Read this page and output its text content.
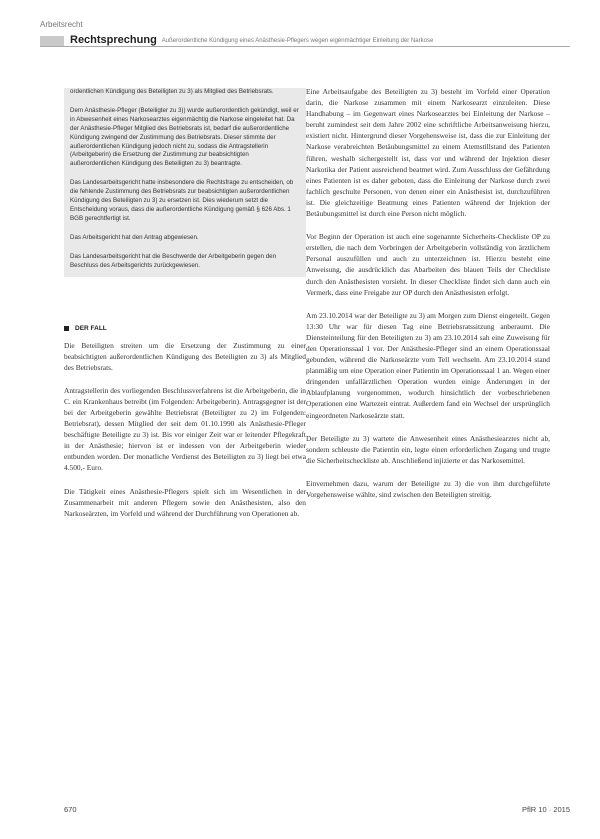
Arbeitsrecht
Rechtsprechung Außerordentliche Kündigung eines Anästhesie-Pflegers wegen eigenmächtiger Einleitung der Narkose

ordentlichen Kündigung des Beteiligten zu 3) als Mitglied des Betriebsrats.

Dem Anästhesie-Pfleger (Beteiligter zu 3)) wurde außerordentlich gekündigt, weil er in Abwesenheit eines Narkosearztes eigenmächtig die Narkose eingeleitet hat. Da der Anästhesie-Pfleger Mitglied des Betriebsrats ist, bedarf die außerordentliche Kündigung zwingend der Zustimmung des Betriebsrats. Dieser stimmte der außerordentlichen Kündigung jedoch nicht zu, sodass die Antragstellerin (Arbeitgeberin) die Ersetzung der Zustimmung zur beabsichtigten außerordentlichen Kündigung des Beteiligten zu 3) beantragte.

Das Landesarbeitsgericht hatte insbesondere die Rechtsfrage zu entscheiden, ob die fehlende Zustimmung des Betriebsrats zur beabsichtigten außerordentlichen Kündigung des Beteiligten zu 3) zu ersetzen ist. Dies wiederum setzt die Entscheidung voraus, dass die außerordentliche Kündigung gemäß § 626 Abs. 1 BGB gerechtfertigt ist.

Das Arbeitsgericht hat den Antrag abgewiesen.

Das Landesarbeitsgericht hat die Beschwerde der Arbeitgeberin gegen den Beschluss des Arbeitsgerichts zurückgewiesen.

DER FALL

Die Beteiligten streiten um die Ersetzung der Zustimmung zu einer beabsichtigten außerordentlichen Kündigung des Beteiligten zu 3) als Mitglied des Betriebsrats.

Antragstellerin des vorliegenden Beschlussverfahrens ist die Arbeitgeberin, die in C. ein Krankenhaus betreibt (im Folgenden: Arbeitgeberin). Antragsgegner ist der bei der Arbeitgeberin gewählte Betriebsrat (Beteiligter zu 2) im Folgenden: Betriebsrat), dessen Mitglied der seit dem 01.10.1990 als Anästhesie-Pfleger beschäftigte Beteiligte zu 3) ist. Bis vor einiger Zeit war er leitender Pflegekraft in der Anästhesie; hiervon ist er indessen von der Arbeitgeberin wieder entbunden worden. Der monatliche Verdienst des Beteiligten zu 3) liegt bei etwa 4.500,- Euro.

Die Tätigkeit eines Anästhesie-Pflegers spielt sich im Wesentlichen in der Zusammenarbeit mit anderen Pflegern sowie den Anästhesisten, also den Narkoseärzten, im Vorfeld und während der Durchführung von Operationen ab.

Eine Arbeitsaufgabe des Beteiligten zu 3) besteht im Vorfeld einer Operation darin, die Narkose zusammen mit einem Narkosearzt einzuleiten. Diese Handhabung – im Gegenwart eines Narkosearztes bei Einleitung der Narkose – beruht zumindest seit dem Jahre 2002 eine schriftliche Arbeitsanweisung hierzu, existiert nicht. Hintergrund dieser Vorgehensweise ist, dass die zur Einleitung der Narkose verabreichten Betäubungsmittel zu einem Atemstillstand des Patienten führen, weshalb sichergestellt ist, dass vor und während der Injektion dieser Narkotika der Patient ausreichend beatmet wird. Zum Ausschluss der Gefährdung eines Patienten ist es daher geboten, dass die Einleitung der Narkose durch zwei fachlich geschulte Personen, von denen einer ein Anästhesist ist, durchzuführen ist. Die gleichzeitige Beatmung eines Patienten während der Injektion der Betäubungsmittel ist durch eine Person nicht möglich.

Vor Beginn der Operation ist auch eine sogenannte Sicherheits-Checkliste OP zu erstellen, die nach dem Vorbringen der Arbeitgeberin vollständig von ärztlichem Personal auszufüllen und auch zu unterzeichnen ist. Hierzu besteht eine Anweisung, die ausdrücklich das Abarbeiten des blauen Teils der Checkliste durch den Anästhesisten vorsieht. In dieser Checkliste findet sich dann auch ein Vermerk, dass eine Freigabe zur OP durch den Anästhesisten erfolgt.

Am 23.10.2014 war der Beteiligte zu 3) am Morgen zum Dienst eingeteilt. Gegen 13:30 Uhr war für diesen Tag eine Betriebsratssitzung anberaumt. Die Diensteinteilung für den Beteiligten zu 3) am 23.10.2014 sah eine Zuweisung für den Operationssaal 1 vor. Der Anästhesie-Pfleger sind an einem Operationssaal gebunden, während die Narkoseärzte vom Tell wechseln. Am 23.10.2014 stand planmäßig um eine Operation einer Patientin im Operationssaal 1 an. Wegen einer dringenden unfallärztlichen Operation wurden einige Änderungen in der Ablaufplanung vorgenommen, wodurch hinsichtlich der vorbeschriebenen Operationen eine Wartezeit eintrat. Außerdem fand ein Wechsel der ursprünglich eingeordneten Narkoseärzte statt.

Der Beteiligte zu 3) wartete die Anwesenheit eines Anästhesiearztes nicht ab, sondern schleuste die Patientin ein, legte einen erforderlichen Zugang und trugte die Sicherheitscheckliste ab. Anschließend injizierte er das Narkosemittel.

Einvernehmen dazu, warum der Beteiligte zu 3) die von ihm durchgeführte Vorgehensweise wählte, sind zwischen den Beteiligten streitig.

670	PflR 10 · 2015
